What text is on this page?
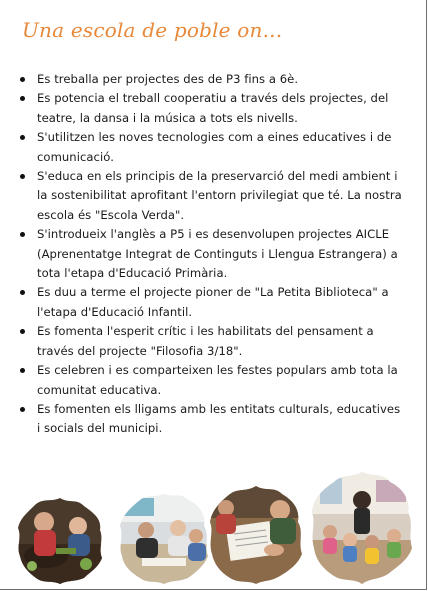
Una escola de poble on...
Es treballa per projectes des de P3 fins a 6è.
Es potencia el treball cooperatiu a través dels projectes, del teatre, la dansa i la música a tots els nivells.
S'utilitzen les noves tecnologies com a eines educatives i de comunicació.
S'educa en els principis de la preservarció del medi ambient i la sostenibilitat aprofitant l'entorn privilegiat que té. La nostra escola és "Escola Verda".
S'introdueix l'anglès a P5 i es desenvolupen projectes AICLE (Aprenentatge Integrat de Continguts i Llengua Estrangera) a tota l'etapa d'Educació Primària.
Es duu a terme el projecte pioner de "La Petita Biblioteca" a l'etapa d'Educació Infantil.
Es fomenta l'esperit crític i les habilitats del pensament a través del projecte "Filosofia 3/18".
Es celebren i es comparteixen les festes populars amb tota la comunitat educativa.
Es fomenten els lligams amb les entitats culturals, educatives i socials del municipi.
